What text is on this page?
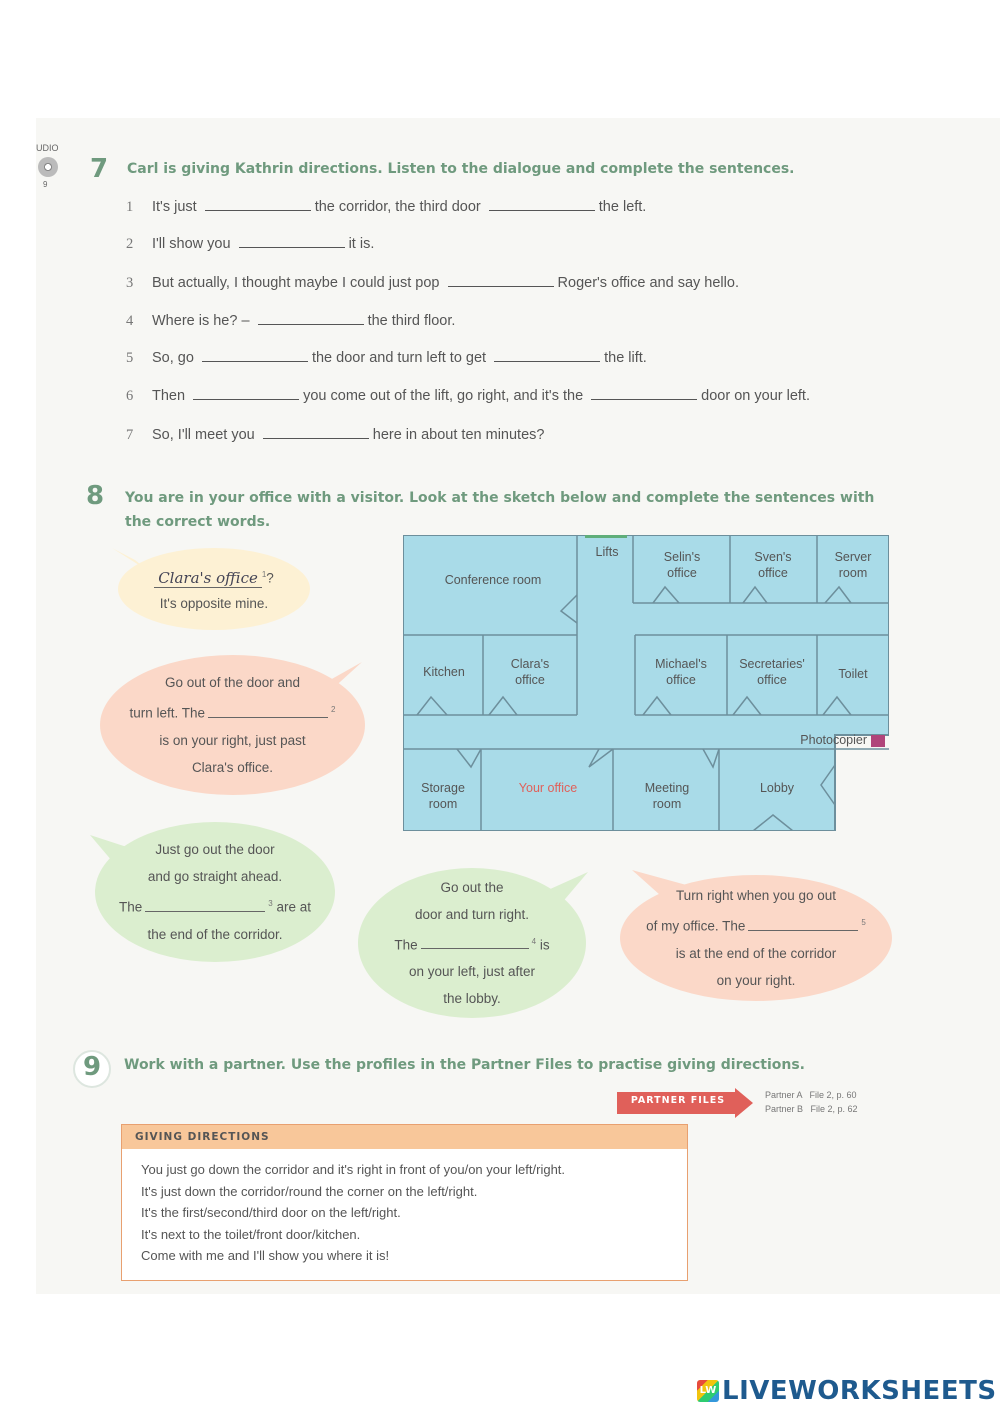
UDIO
9
7 Carl is giving Kathrin directions. Listen to the dialogue and complete the sentences.
1 It's just	the corridor, the third door	the left.
2 I'll show you	it is.
3 But actually, I thought maybe I could just pop	Roger's office and say hello.
4 Where is he? –	the third floor.
5 So, go	the door and turn left to get	the lift.
6 Then	you come out of the lift, go right, and it's the	door on your left.
7 So, I'll meet you	here in about ten minutes?
8 You are in your office with a visitor. Look at the sketch below and complete the sentences with
the correct words.
Clara's office $^1$?
It's opposite mine.
Go out of the door and
turn left. The	$^2$
is on your right, just past
Clara's office.
Just go out the door
and go straight ahead.
The	$^3$ are at
the end of the corridor.
Go out the
door and turn right.
The	$^4$ is
on your left, just after
the lobby.
Turn right when you go out
of my office. The	$^5$
is at the end of the corridor
on your right.
Lifts
Conference room
Selin's
office
Sven's
office
Server
room
Kitchen
Clara's
office
Michael's
office
Secretaries'
office	Toilet
Photocopier
Storage
room
Your office	Meeting
room
Lobby
9 Work with a partner. Use the profiles in the Partner Files to practise giving directions.
PARTNER FILES	Partner A   File 2, p. 60
Partner B   File 2, p. 62
GIVING DIRECTIONS
You just go down the corridor and it's right in front of you/on your left/right.
It's just down the corridor/round the corner on the left/right.
It's the first/second/third door on the left/right.
It's next to the toilet/front door/kitchen.
Come with me and I'll show you where it is!
LW LIVEWORKSHEETS
